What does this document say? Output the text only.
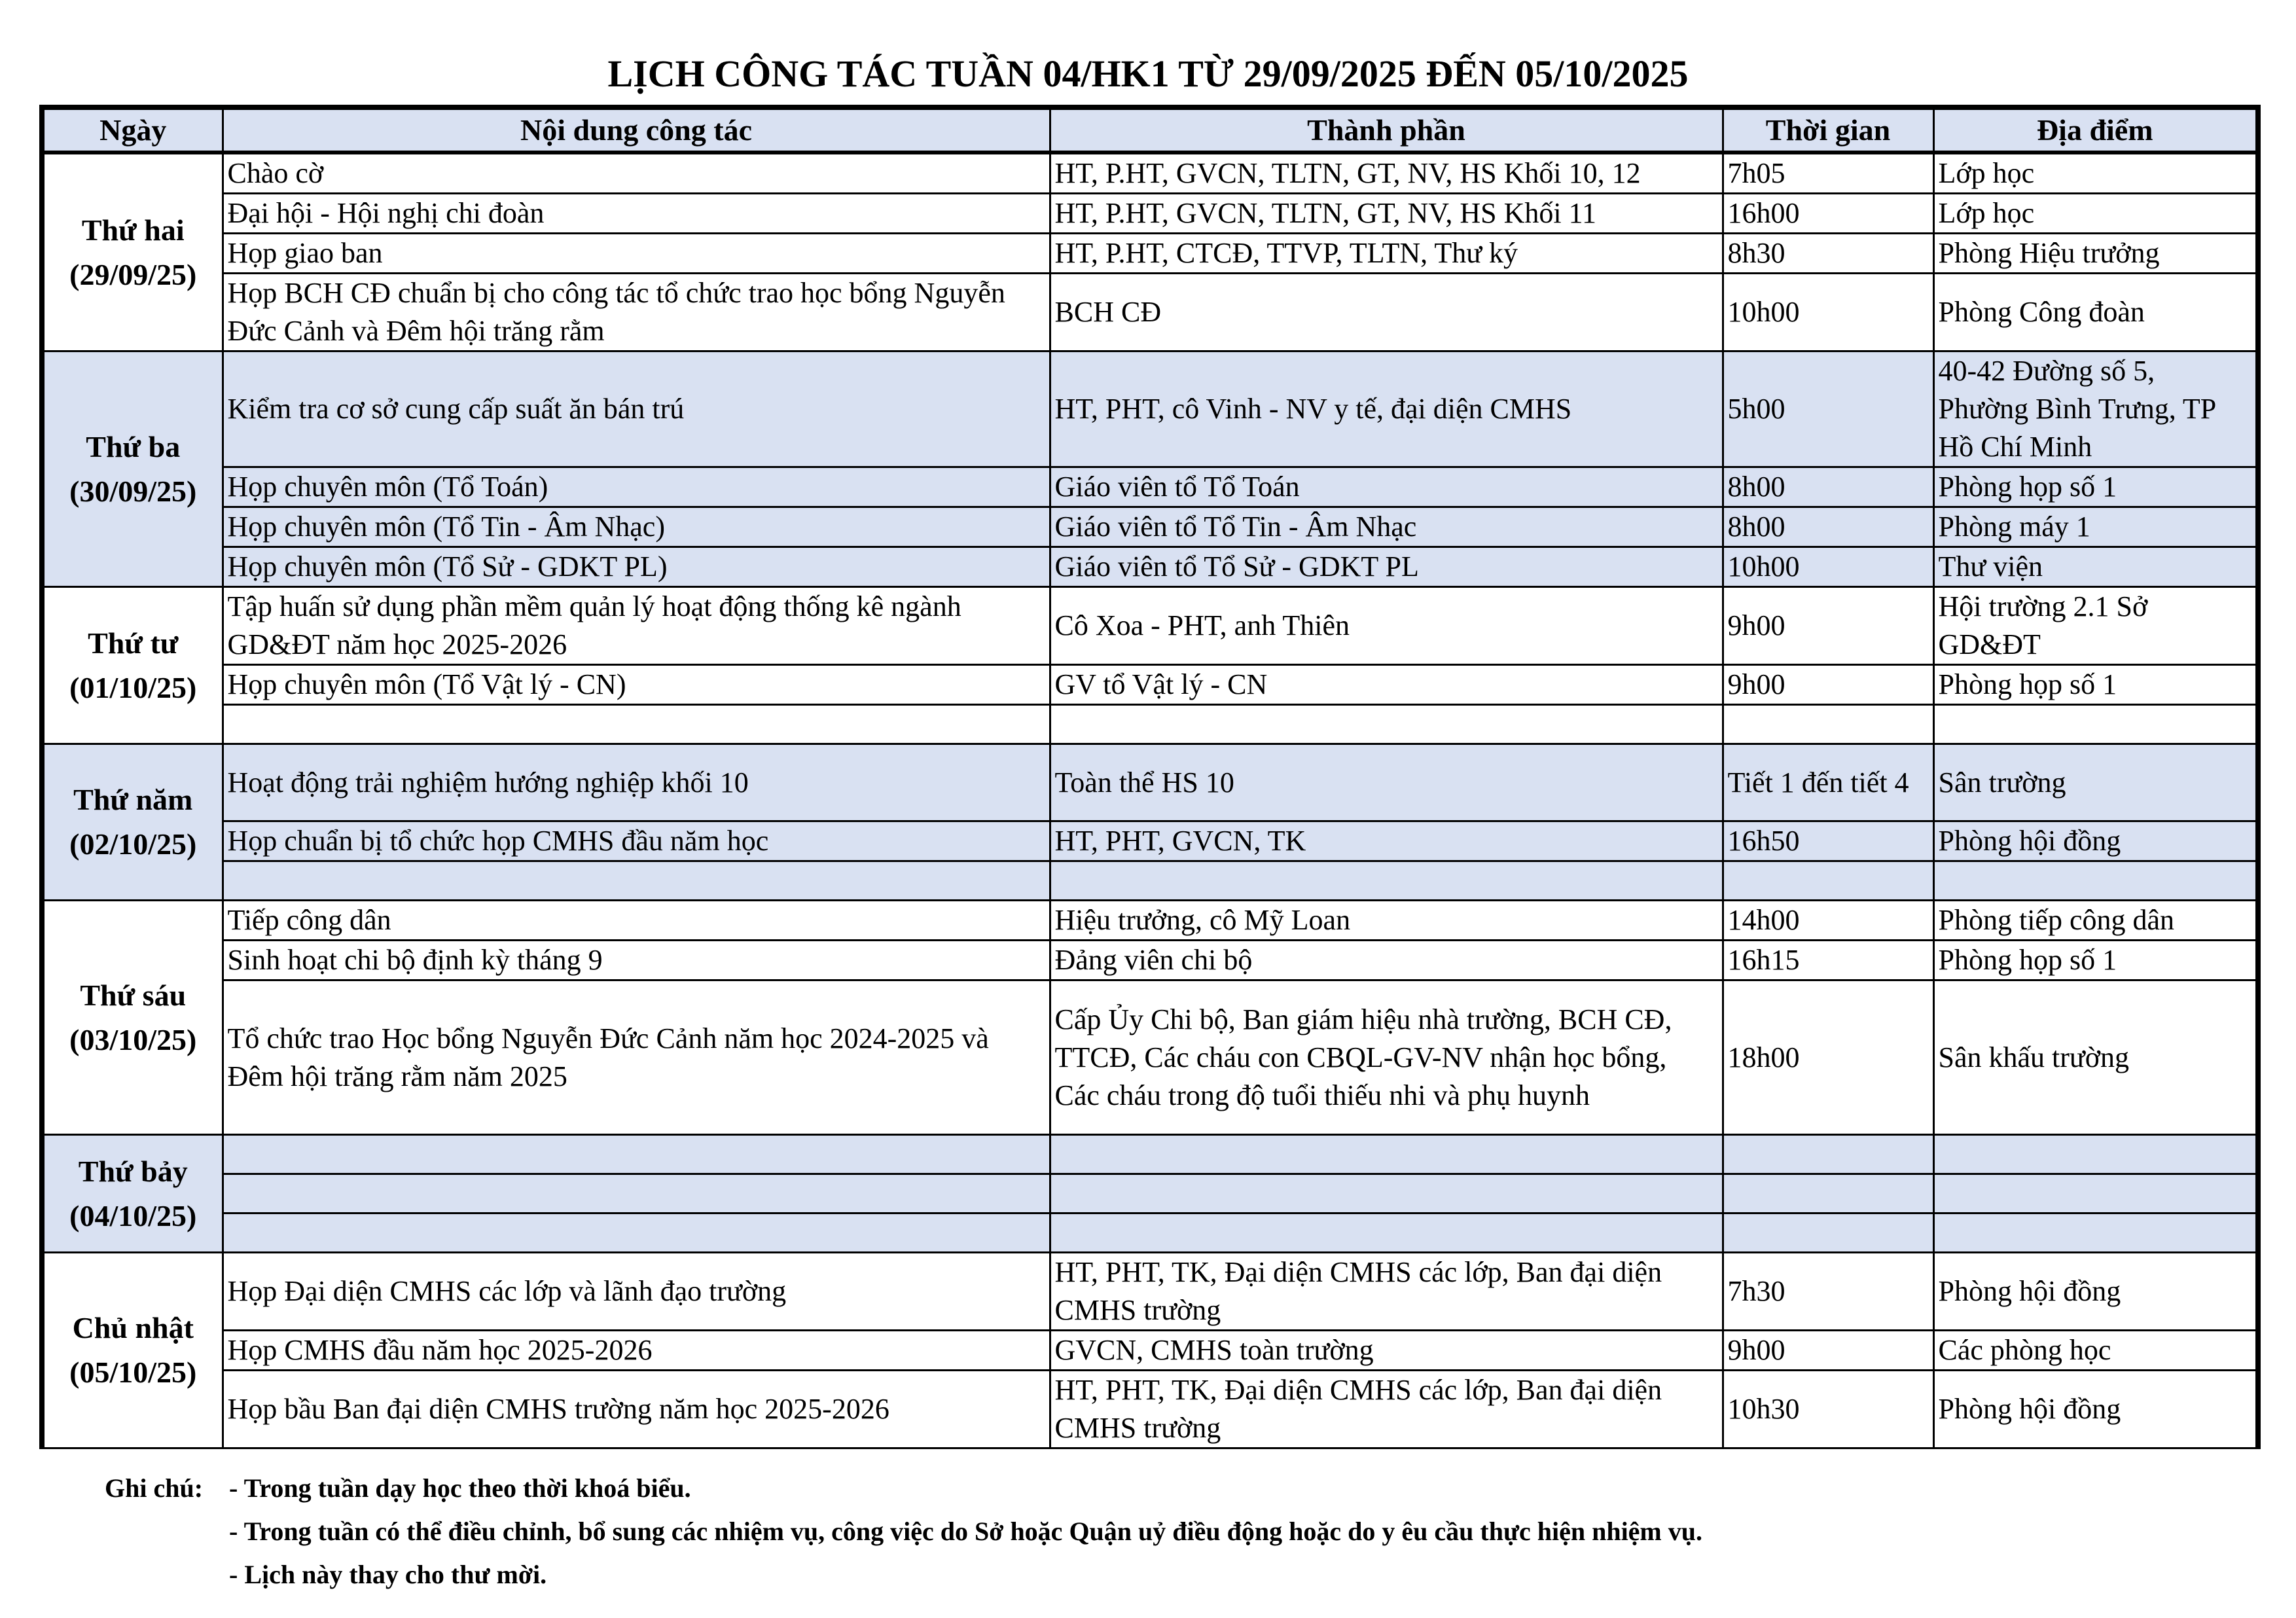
LỊCH CÔNG TÁC TUẦN 04/HK1 TỪ 29/09/2025 ĐẾN 05/10/2025
Ngày	Nội dung công tác	Thành phần	Thời gian	Địa điểm

Thứ hai
(29/09/25)	Chào cờ	HT, P.HT, GVCN, TLTN, GT, NV, HS Khối 10, 12	7h05	Lớp học
	Đại hội - Hội nghị chi đoàn	HT, P.HT, GVCN, TLTN, GT, NV, HS Khối 11	16h00	Lớp học
	Họp giao ban	HT, P.HT, CTCĐ, TTVP, TLTN, Thư ký	8h30	Phòng Hiệu trưởng
	Họp BCH CĐ chuẩn bị cho công tác tổ chức trao học bổng Nguyễn Đức Cảnh và Đêm hội trăng rằm	BCH CĐ	10h00	Phòng Công đoàn

Thứ ba
(30/09/25)	Kiểm tra cơ sở cung cấp suất ăn bán trú	HT, PHT, cô Vinh - NV y tế, đại diện CMHS	5h00	40-42 Đường số 5, Phường Bình Trưng, TP Hồ Chí Minh
	Họp chuyên môn (Tổ Toán)	Giáo viên tổ Tổ Toán	8h00	Phòng họp số 1
	Họp chuyên môn (Tổ Tin - Âm Nhạc)	Giáo viên tổ Tổ Tin - Âm Nhạc	8h00	Phòng máy 1
	Họp chuyên môn (Tổ Sử - GDKT PL)	Giáo viên tổ Tổ Sử - GDKT PL	10h00	Thư viện

Thứ tư
(01/10/25)	Tập huấn sử dụng phần mềm quản lý hoạt động thống kê ngành GD&ĐT năm học 2025-2026	Cô Xoa - PHT, anh Thiên	9h00	Hội trường 2.1 Sở GD&ĐT
	Họp chuyên môn (Tổ Vật lý - CN)	GV tổ Vật lý - CN	9h00	Phòng họp số 1

Thứ năm
(02/10/25)	Hoạt động trải nghiệm hướng nghiệp khối 10	Toàn thể HS 10	Tiết 1 đến tiết 4	Sân trường
	Họp chuẩn bị tổ chức họp CMHS đầu năm học	HT, PHT, GVCN, TK	16h50	Phòng hội đồng

Thứ sáu
(03/10/25)	Tiếp công dân	Hiệu trưởng, cô Mỹ Loan	14h00	Phòng tiếp công dân
	Sinh hoạt chi bộ định kỳ tháng 9	Đảng viên chi bộ	16h15	Phòng họp số 1
	Tổ chức trao Học bổng Nguyễn Đức Cảnh năm học 2024-2025 và Đêm hội trăng rằm năm 2025	Cấp Ủy Chi bộ, Ban giám hiệu nhà trường, BCH CĐ, TTCĐ, Các cháu con CBQL-GV-NV nhận học bổng, Các cháu trong độ tuổi thiếu nhi và phụ huynh	18h00	Sân khấu trường

Thứ bảy
(04/10/25)				

Chủ nhật
(05/10/25)	Họp Đại diện CMHS các lớp và lãnh đạo trường	HT, PHT, TK, Đại diện CMHS các lớp, Ban đại diện CMHS trường	7h30	Phòng hội đồng
	Họp CMHS đầu năm học 2025-2026	GVCN, CMHS toàn trường	9h00	Các phòng học
	Họp bầu Ban đại diện CMHS trường năm học 2025-2026	HT, PHT, TK, Đại diện CMHS các lớp, Ban đại diện CMHS trường	10h30	Phòng hội đồng
Ghi chú: - Trong tuần dạy học theo thời khoá biểu.
- Trong tuần có thể điều chỉnh, bổ sung các nhiệm vụ, công việc do Sở hoặc Quận uỷ điều động hoặc do y êu cầu thực hiện nhiệm vụ.
- Lịch này thay cho thư mời.
